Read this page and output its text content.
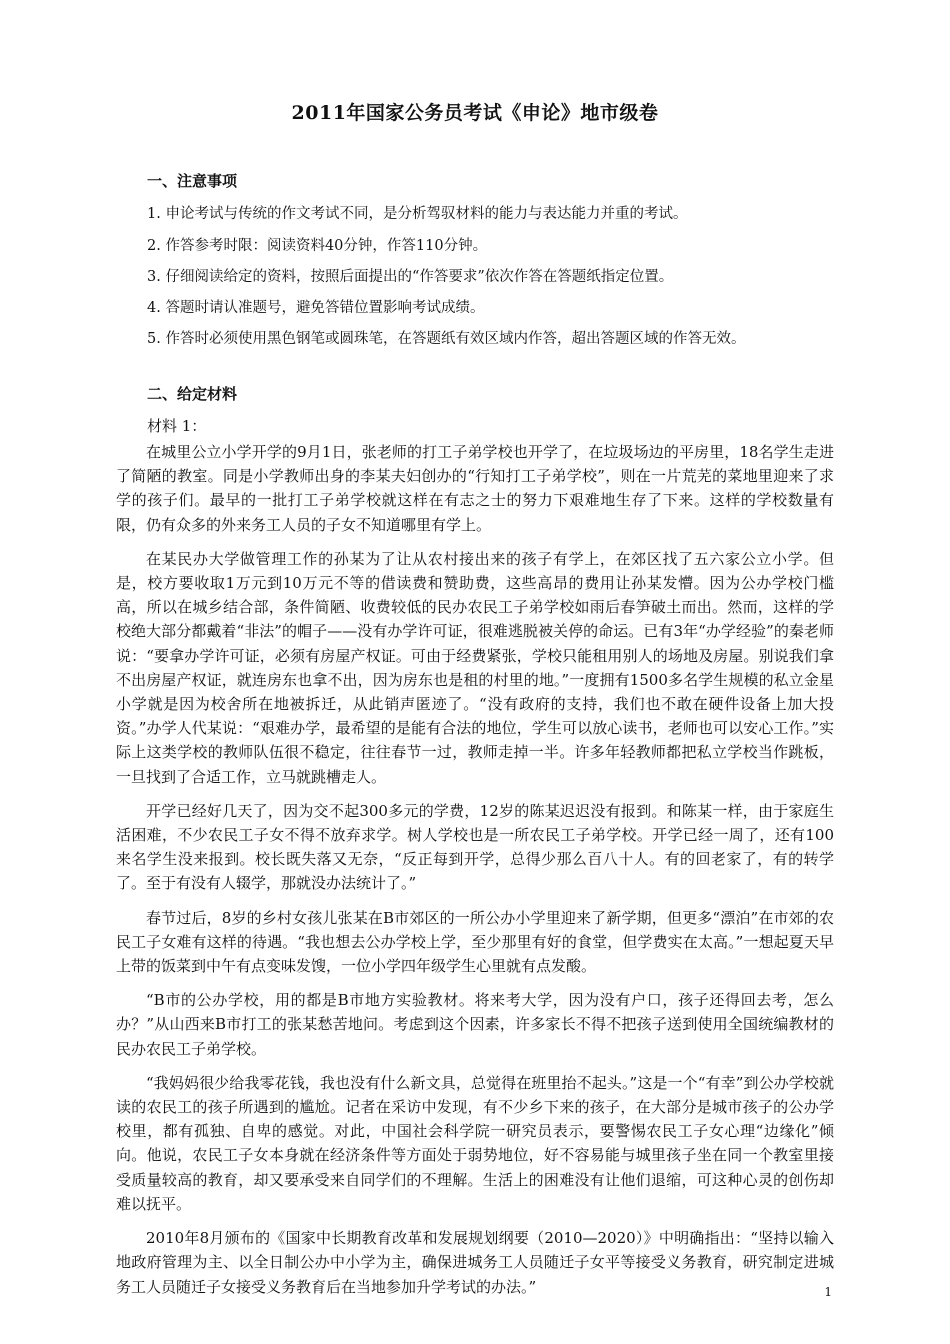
2011年国家公务员考试《申论》地市级卷
一、注意事项
1. 申论考试与传统的作文考试不同，是分析驾驭材料的能力与表达能力并重的考试。
2. 作答参考时限：阅读资料40分钟，作答110分钟。
3. 仔细阅读给定的资料，按照后面提出的“作答要求”依次作答在答题纸指定位置。
4. 答题时请认准题号，避免答错位置影响考试成绩。
5. 作答时必须使用黑色钢笔或圆珠笔，在答题纸有效区域内作答，超出答题区域的作答无效。
二、给定材料
材料 1：

在城里公立小学开学的9月1日，张老师的打工子弟学校也开学了，在垃圾场边的平房里，18名学生走进了简陋的教室。同是小学教师出身的李某夫妇创办的“行知打工子弟学校”，则在一片荒芜的菜地里迎来了求学的孩子们。最早的一批打工子弟学校就这样在有志之士的努力下艰难地生存了下来。这样的学校数量有限，仍有众多的外来务工人员的子女不知道哪里有学上。

在某民办大学做管理工作的孙某为了让从农村接出来的孩子有学上，在郊区找了五六家公立小学。但是，校方要收取1万元到10万元不等的借读费和赞助费，这些高昂的费用让孙某发懵。因为公办学校门槛高，所以在城乡结合部，条件简陋、收费较低的民办农民工子弟学校如雨后春笋破土而出。然而，这样的学校绝大部分都戴着“非法”的帽子——没有办学许可证，很难逃脱被关停的命运。已有3年“办学经验”的秦老师说：“要拿办学许可证，必须有房屋产权证。可由于经费紧张，学校只能租用别人的场地及房屋。别说我们拿不出房屋产权证，就连房东也拿不出，因为房东也是租的村里的地。”一度拥有1500多名学生规模的私立金星小学就是因为校舍所在地被拆迁，从此销声匿迹了。“没有政府的支持，我们也不敢在硬件设备上加大投资。”办学人代某说：“艰难办学，最希望的是能有合法的地位，学生可以放心读书，老师也可以安心工作。”实际上这类学校的教师队伍很不稳定，往往春节一过，教师走掉一半。许多年轻教师都把私立学校当作跳板，一旦找到了合适工作，立马就跳槽走人。

开学已经好几天了，因为交不起300多元的学费，12岁的陈某迟迟没有报到。和陈某一样，由于家庭生活困难，不少农民工子女不得不放弃求学。树人学校也是一所农民工子弟学校。开学已经一周了，还有100来名学生没来报到。校长既失落又无奈，“反正每到开学，总得少那么百八十人。有的回老家了，有的转学了。至于有没有人辍学，那就没办法统计了。”

春节过后，8岁的乡村女孩儿张某在B市郊区的一所公办小学里迎来了新学期，但更多“漂泊”在市郊的农民工子女难有这样的待遇。“我也想去公办学校上学，至少那里有好的食堂，但学费实在太高。”一想起夏天早上带的饭菜到中午有点变味发馊，一位小学四年级学生心里就有点发酸。

“B市的公办学校，用的都是B市地方实验教材。将来考大学，因为没有户口，孩子还得回去考，怎么办？”从山西来B市打工的张某愁苦地问。考虑到这个因素，许多家长不得不把孩子送到使用全国统编教材的民办农民工子弟学校。

“我妈妈很少给我零花钱，我也没有什么新文具，总觉得在班里抬不起头。”这是一个“有幸”到公办学校就读的农民工的孩子所遇到的尴尬。记者在采访中发现，有不少乡下来的孩子，在大部分是城市孩子的公办学校里，都有孤独、自卑的感觉。对此，中国社会科学院一研究员表示，要警惕农民工子女心理“边缘化”倾向。他说，农民工子女本身就在经济条件等方面处于弱势地位，好不容易能与城里孩子坐在同一个教室里接受质量较高的教育，却又要承受来自同学们的不理解。生活上的困难没有让他们退缩，可这种心灵的创伤却难以抚平。

2010年8月颁布的《国家中长期教育改革和发展规划纲要（2010—2020）》中明确指出：“坚持以输入地政府管理为主、以全日制公办中小学为主，确保进城务工人员随迁子女平等接受义务教育，研究制定进城务工人员随迁子女接受义务教育后在当地参加升学考试的办法。”	1
